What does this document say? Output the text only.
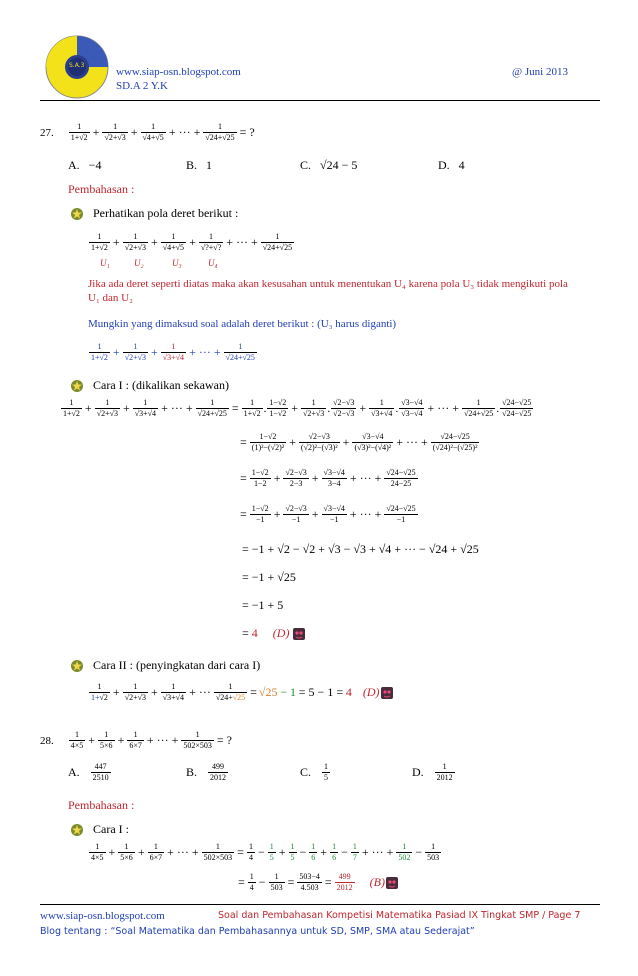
S.A.3
www.siap-osn.blogspot.com
SD.A 2 Y.K
@ Juni 2013
27. $\frac{1}{1+√2} + \frac{1}{√2+√3} + \frac{1}{√4+√5}$ + ··· + $\frac{1}{√24+√25}$ = ?
A. −4	B. 1	C. √24 − 5	D. 4
Pembahasan :
Perhatikan pola deret berikut :
$\frac{1}{1+√2} + \frac{1}{√2+√3} + \frac{1}{√4+√5} + \frac{1}{√?+√?}$ + ··· + $\frac{1}{√24+√25}$
U₁	U₂	U₃	U₄
Jika ada deret seperti diatas maka akan kesusahan untuk menentukan U₄ karena pola U₃ tidak mengikuti pola
U₁ dan U₂
Mungkin yang dimaksud soal adalah deret berikut : (U₃ harus diganti)
$\frac{1}{1+√2} + \frac{1}{√2+√3} + \frac{1}{√3+√4}$ + ··· + $\frac{1}{√24+√25}$
Cara I : (dikalikan sekawan)
$\frac{1}{1+√2} + \frac{1}{√2+√3} + \frac{1}{√3+√4}$ + ··· + $\frac{1}{√24+√25} = \frac{1}{1+√2}$ . $\frac{1-√2}{1-√2} + \frac{1}{√2+√3}$ . $\frac{√2-√3}{√2-√3} + \frac{1}{√3+√4}$ . $\frac{√3-√4}{√3-√4}$ + ··· + $\frac{1}{√24+√25}$ . $\frac{√24-√25}{√24-√25}$
= $\frac{1-√2}{\text{(1)²−(√2)²}} + \frac{√2-√3}{\text{(√2)²−(√3)²}} + \frac{√3-√4}{\text{(√3)²−(√4)²}}$ + ··· + $\frac{√24-√25}{\text{(√24)²−(√25)²}}$
= $\frac{1-√2}{1-2} + \frac{√2-√3}{2-3} + \frac{√3-√4}{3-4}$ + ··· + $\frac{√24-√25}{24-25}$
= $\frac{1-√2}{-1} + \frac{√2-√3}{-1} + \frac{√3-√4}{-1}$ + ··· + $\frac{√24-√25}{-1}$
= −1 + √2 − √2 + √3 − √3 + √4 + ··· − √24 + √25
= −1 + √25
= −1 + 5
= 4 (D)
Cara II : (penyingkatan dari cara I)
$\frac{1}{1+√2} + \frac{1}{√2+√3} + \frac{1}{√3+√4}$ + ··· $\frac{1}{√24+√25} = √25$
− 1
= 5 − 1 =
4
(D)
28. $\frac{1}{4\times 5} + \frac{1}{5\times 6} + \frac{1}{6\times 7}$ + ··· + $\frac{1}{502\times 503}$ = ?
A. $\frac{447}{2510}$	B. $\frac{499}{2012}$	C. $\frac{1}{5}$	D. $\frac{1}{2012}$
Pembahasan :
Cara I :
$\frac{1}{4\times 5} + \frac{1}{5\times 6} + \frac{1}{6\times 7}$ + ··· + $\frac{1}{502\times 503} = \frac{1}{4} - \frac{1}{5} + \frac{1}{5} - \frac{1}{6} + \frac{1}{6} - \frac{1}{7}$ + ··· + $\frac{1}{502} - \frac{1}{503}$
= $\frac{1}{4} - \frac{1}{503} = \frac{503-4}{4.503} = \frac{499}{2012} (B)$
www.siap-osn.blogspot.com	Soal dan Pembahasan Kompetisi Matematika Pasiad IX Tingkat SMP / Page 7
Blog tentang : “Soal Matematika dan Pembahasannya untuk SD, SMP, SMA atau Sederajat”
